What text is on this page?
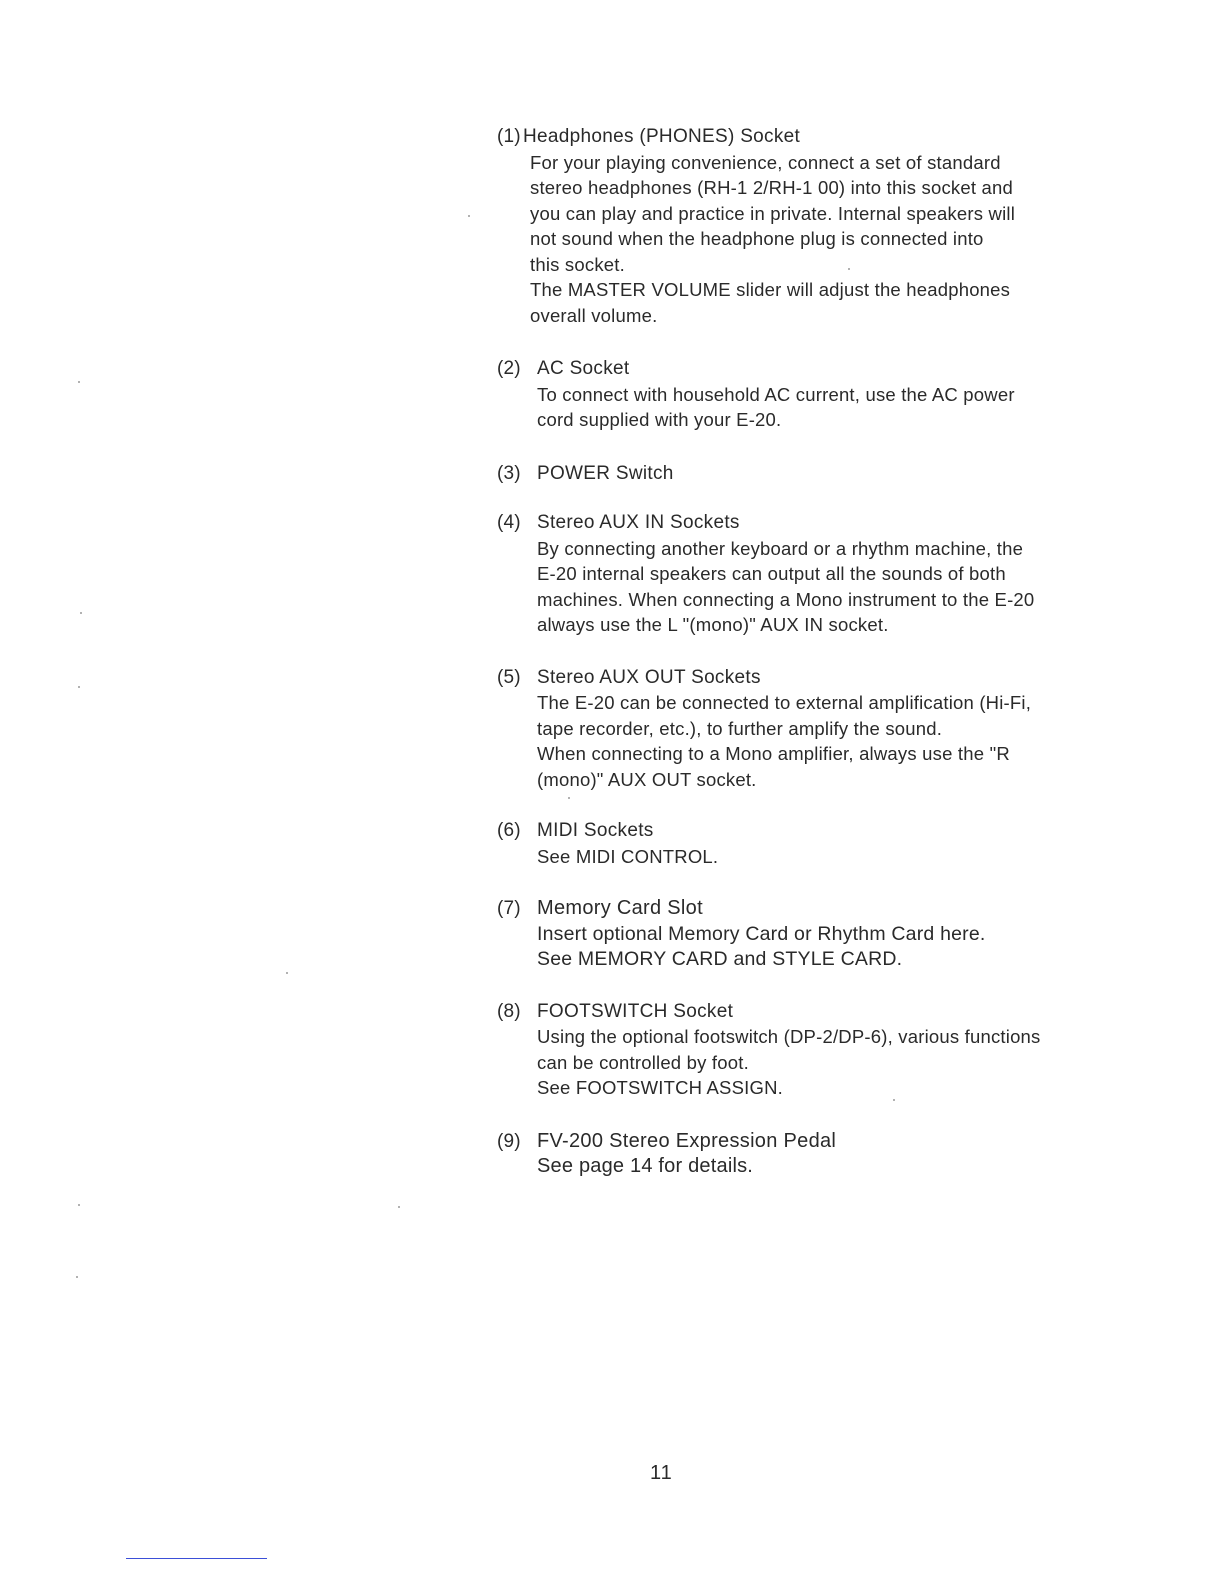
(1) Headphones (PHONES) Socket
For your playing convenience, connect a set of standard
stereo headphones (RH-1 2/RH-1 00) into this socket and
you can play and practice in private. Internal speakers will
not sound when the headphone plug is connected into
this socket.
The MASTER VOLUME slider will adjust the headphones
overall volume.
(2) AC Socket
To connect with household AC current, use the AC power
cord supplied with your E-20.
(3) POWER Switch
(4) Stereo AUX IN Sockets
By connecting another keyboard or a rhythm machine, the
E-20 internal speakers can output all the sounds of both
machines. When connecting a Mono instrument to the E-20
always use the L "(mono)" AUX IN socket.
(5) Stereo AUX OUT Sockets
The E-20 can be connected to external amplification (Hi-Fi,
tape recorder, etc.), to further amplify the sound.
When connecting to a Mono amplifier, always use the "R
(mono)" AUX OUT socket.
(6) MIDI Sockets
See MIDI CONTROL.
(7) Memory Card Slot
Insert optional Memory Card or Rhythm Card here.
See MEMORY CARD and STYLE CARD.
(8) FOOTSWITCH Socket
Using the optional footswitch (DP-2/DP-6), various functions
can be controlled by foot.
See FOOTSWITCH ASSIGN.
(9) FV-200 Stereo Expression Pedal
See page 14 for details.
11
